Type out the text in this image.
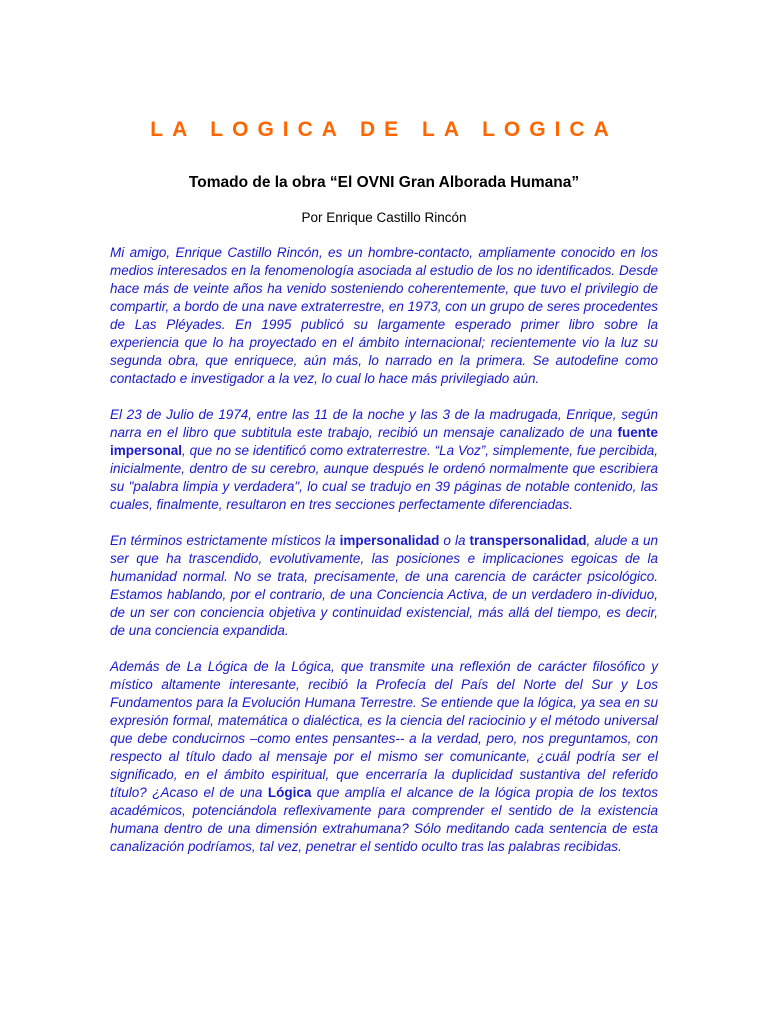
LA LOGICA DE LA LOGICA

Tomado de la obra “El OVNI Gran Alborada Humana”

Por Enrique Castillo Rincón

Mi amigo, Enrique Castillo Rincón, es un hombre-contacto, ampliamente conocido en los medios interesados en la fenomenología asociada al estudio de los no identificados. Desde hace más de veinte años ha venido sosteniendo coherentemente, que tuvo el privilegio de compartir, a bordo de una nave extraterrestre, en 1973, con un grupo de seres procedentes de Las Pléyades. En 1995 publicó su largamente esperado primer libro sobre la experiencia que lo ha proyectado en el ámbito internacional; recientemente vio la luz su segunda obra, que enriquece, aún más, lo narrado en la primera. Se autodefine como contactado e investigador a la vez, lo cual lo hace más privilegiado aún.

El 23 de Julio de 1974, entre las 11 de la noche y las 3 de la madrugada, Enrique, según narra en el libro que subtitula este trabajo, recibió un mensaje canalizado de una fuente impersonal, que no se identificó como extraterrestre. “La Voz”, simplemente, fue percibida, inicialmente, dentro de su cerebro, aunque después le ordenó normalmente que escribiera su "palabra limpia y verdadera", lo cual se tradujo en 39 páginas de notable contenido, las cuales, finalmente, resultaron en tres secciones perfectamente diferenciadas.

En términos estrictamente místicos la impersonalidad o la transpersonalidad, alude a un ser que ha trascendido, evolutivamente, las posiciones e implicaciones egoicas de la humanidad normal. No se trata, precisamente, de una carencia de carácter psicológico. Estamos hablando, por el contrario, de una Conciencia Activa, de un verdadero in-dividuo, de un ser con conciencia objetiva y continuidad existencial, más allá del tiempo, es decir, de una conciencia expandida.

Además de La Lógica de la Lógica, que transmite una reflexión de carácter filosófico y místico altamente interesante, recibió la Profecía del País del Norte del Sur y Los Fundamentos para la Evolución Humana Terrestre. Se entiende que la lógica, ya sea en su expresión formal, matemática o dialéctica, es la ciencia del raciocinio y el método universal que debe conducirnos –como entes pensantes-- a la verdad, pero, nos preguntamos, con respecto al título dado al mensaje por el mismo ser comunicante, ¿cuál podría ser el significado, en el ámbito espiritual, que encerraría la duplicidad sustantiva del referido título? ¿Acaso el de una Lógica que amplía el alcance de la lógica propia de los textos académicos, potenciándola reflexivamente para comprender el sentido de la existencia humana dentro de una dimensión extrahumana? Sólo meditando cada sentencia de esta canalización podríamos, tal vez, penetrar el sentido oculto tras las palabras recibidas.
